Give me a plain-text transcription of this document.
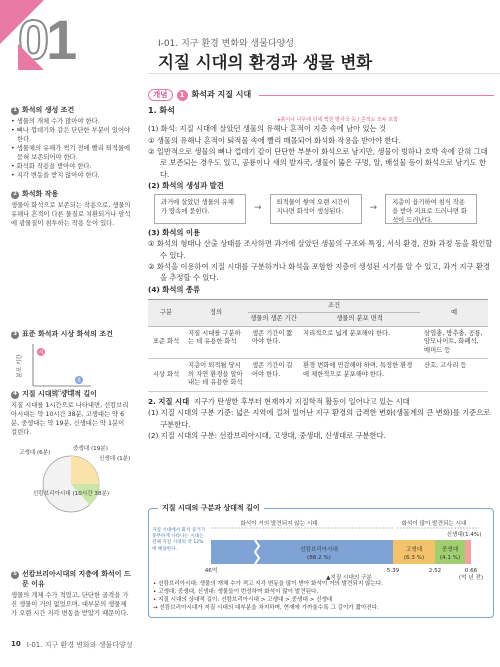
01	I-01. 지구 환경 변화와 생물다양성
지질 시대의 환경과 생물 변화
1 화석의 생성 조건
• 생물의 개체 수가 많아야 한다.
• 뼈나 껍데기와 같은 단단한 부분이 있어야 한다.
• 생물체의 유해가 썩기 전에 빨리 퇴적물에 묻혀 보존되어야 한다.
• 화석화 작용을 받아야 한다.
• 지각 변동을 받지 않아야 한다.
2 화석화 작용
생물이 화석으로 보존되는 작용으로, 생물의 유해나 흔적이 다른 물질로 치환되거나 암석에 광물질이 침투하는 작용 등이 있다.
3 표준 화석과 시상 화석의 조건
분포 기간
표
시
4 지질 시대의 상대적 길이
지질 시대를 1시간으로 나타내면, 선캄브리아시대는 약 10시간 38분, 고생대는 약 6분, 중생대는 약 19분, 신생대는 약 1분이 걸린다.
고생대 (6분)
중생대 (19분)
신생대 (1분)
선캄브리아시대 (10시간 38분)
5 선캄브리아시대의 지층에 화석이 드문 이유
생물의 개체 수가 적었고, 단단한 골격을 가진 생물이 거의 없었으며, 대부분의 생물체가 오랜 시간 지각 변동을 받았기 때문이다.
개념	1 화석과 지질 시대
1. 화석
▸흙이나 나무에 뒤에 찍힌 발자국 등 / 흔적도 모두 포함
(1) 화석: 지질 시대에 살았던 생물의 유해나 흔적이 지층 속에 남아 있는 것
① 생물의 유해나 흔적이 퇴적물 속에 빨리 매몰되어 화석화 작용을 받아야 한다.
② 일반적으로 생물의 뼈나 껍데기 같이 단단한 부분이 화석으로 남지만, 생물이 빙하나 호박 속에 갇혀 그대로 보존되는 경우도 있고, 공룡이나 새의 발자국, 생물이 뚫은 구멍, 알, 배설물 등이 화석으로 남기도 한다.
(2) 화석의 생성과 발견
과거에 살았던 생물의 유해가 땅속에 묻힌다.	→
퇴적물이 쌓여 오랜 시간이 지나면 화석이 생성된다.	→
지층이 융기하여 침식 작용을 받아 지표로 드러나면 화석이 드러난다.
(3) 화석의 이용
① 화석의 형태나 산출 상태를 조사하면 과거에 살았던 생물의 구조와 특징, 서식 환경, 진화 과정 등을 확인할 수 있다.
② 화석을 이용하여 지질 시대를 구분하거나 화석을 포함한 지층이 생성된 시기를 알 수 있고, 과거 지구 환경을 추정할 수 있다.
(4) 화석의 종류
구분	정의	조건		예
		생물의 생존 기간	생물의 분포 면적	
표준 화석	지질 시대를 구분하는 데 유용한 화석	생존 기간이 짧아야 한다.	지리적으로 넓게 분포해야 한다.	삼엽충, 방추충, 공룡, 암모나이트, 화폐석, 매머드 등
시상 화석	지층이 퇴적될 당시의 자연 환경을 알아내는 데 유용한 화석	생존 기간이 길어야 한다.	환경 변화에 민감해야 하며, 특정한 환경에 제한적으로 분포해야 한다.	산호, 고사리 등
2. 지질 시대 지구가 탄생한 후부터 현재까지 지질학적 활동이 일어나고 있는 시대
(1) 지질 시대의 구분 기준: 넓은 지역에 걸쳐 일어난 지구 환경의 급격한 변화(생물계의 큰 변화)를 기준으로 구분한다.
(2) 지질 시대의 구분: 선캄브리아시대, 고생대, 중생대, 신생대로 구분한다.
화석이 거의 발견되지 않는 시대	화석이 많이 발견되는 시대
신생대(1.4%)
선캄브리아시대
(88.2 %)
고생대
(6.3 %)
중생대
(4.1 %)
46억	5.39	2.52	0.66
(억 년 전)
▲지질 시대의 구분
지질 시대에서 화석 증거가 풍부하게 나타나는 시대는 전체 지질 시대의 약 12%에 해당한다.
지질 시대의 구분과 상대적 길이
• 선캄브리아시대: 생물의 개체 수가 적고 지각 변동을 많이 받아 화석이 거의 발견되지 않는다.
• 고생대, 중생대, 신생대: 생물들이 번성하여 화석이 많이 발견된다.
• 지질 시대의 상대적 길이: 선캄브리아시대 > 고생대 > 중생대 > 신생대
→ 선캄브리아시대가 지질 시대의 대부분을 차지하며, 현재에 가까울수록 그 길이가 짧아진다.
10 I-01. 지구 환경 변화와 생물다양성
